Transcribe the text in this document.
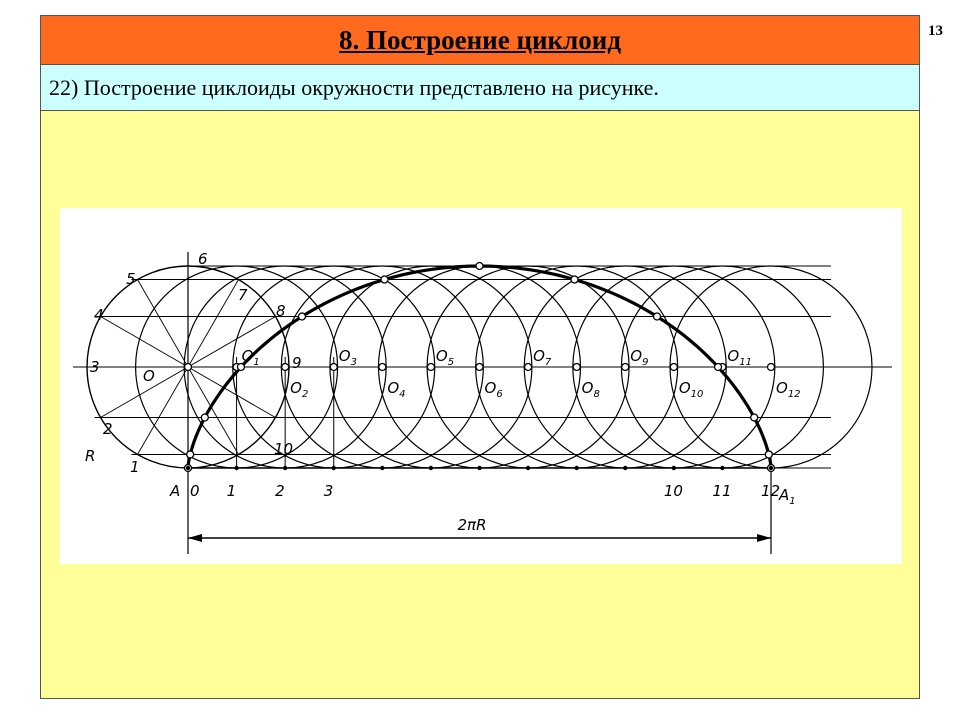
13
8. Построение циклоид
22) Построение циклоиды окружности представлено на рисунке.
1
2
3
4
5
6
7
8
9
10
O
R
$O_1$
$O_2$
$O_3$
$O_4$
$O_5$
$O_6$
$O_7$
$O_8$
$O_9$
$O_{10}$
$O_{11}$
$O_{12}$
0 1	2	3	10 11 12
A	$A_1$
2πR
